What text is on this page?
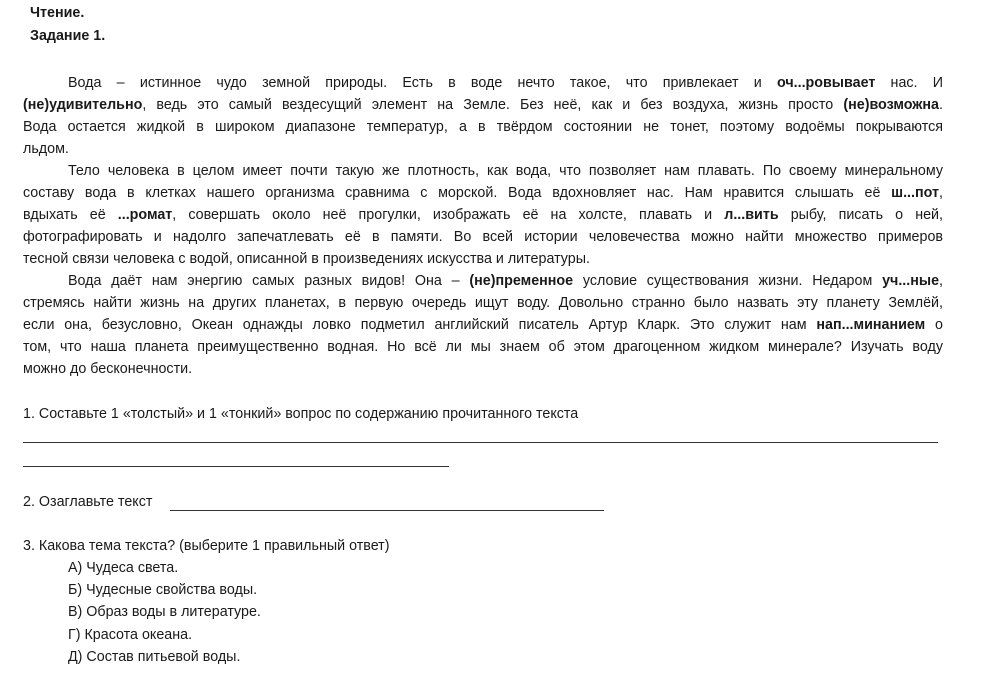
Чтение.
Задание 1.
Вода – истинное чудо земной природы. Есть в воде нечто такое, что привлекает и оч...ровывает нас. И
(не)удивительно, ведь это самый вездесущий элемент на Земле. Без неё, как и без воздуха, жизнь просто (не)возможна.
Вода остается жидкой в широком диапазоне температур, а в твёрдом состоянии не тонет, поэтому водоёмы покрываются
льдом.
Тело человека в целом имеет почти такую же плотность, как вода, что позволяет нам плавать. По своему минеральному
составу вода в клетках нашего организма сравнима с морской. Вода вдохновляет нас. Нам нравится слышать её ш...пот,
вдыхать её ...ромат, совершать около неё прогулки, изображать её на холсте, плавать и л...вить рыбу, писать о ней,
фотографировать и надолго запечатлевать её в памяти. Во всей истории человечества можно найти множество примеров
тесной связи человека с водой, описанной в произведениях искусства и литературы.
Вода даёт нам энергию самых разных видов! Она – (не)пременное условие существования жизни. Недаром уч...ные,
стремясь найти жизнь на других планетах, в первую очередь ищут воду. Довольно странно было назвать эту планету Землёй,
если она, безусловно, Океан однажды ловко подметил английский писатель Артур Кларк. Это служит нам нап...минанием о
том, что наша планета преимущественно водная. Но всё ли мы знаем об этом драгоценном жидком минерале? Изучать воду
можно до бесконечности.
1. Составьте 1 «толстый» и 1 «тонкий» вопрос по содержанию прочитанного текста
2. Озаглавьте текст
3. Какова тема текста? (выберите 1 правильный ответ)
А) Чудеса света.
Б) Чудесные свойства воды.
В) Образ воды в литературе.
Г) Красота океана.
Д) Состав питьевой воды.
